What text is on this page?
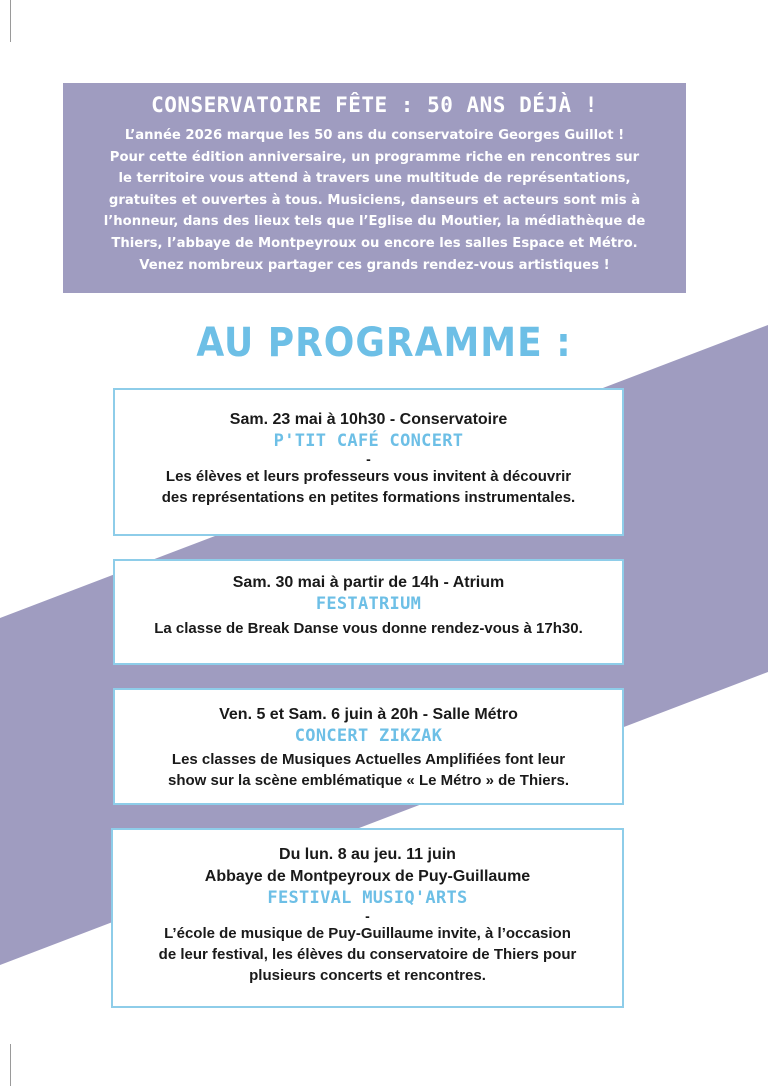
CONSERVATOIRE FÊTE : 50 ANS DÉJÀ !
L’année 2026 marque les 50 ans du conservatoire Georges Guillot !
Pour cette édition anniversaire, un programme riche en rencontres sur
le territoire vous attend à travers une multitude de représentations,
gratuites et ouvertes à tous. Musiciens, danseurs et acteurs sont mis à
l’honneur, dans des lieux tels que l’Eglise du Moutier, la médiathèque de
Thiers, l’abbaye de Montpeyroux ou encore les salles Espace et Métro.
Venez nombreux partager ces grands rendez-vous artistiques !
AU PROGRAMME :
Sam. 23 mai à 10h30 - Conservatoire
P'TIT CAFÉ CONCERT
-
Les élèves et leurs professeurs vous invitent à découvrir
des représentations en petites formations instrumentales.
Sam. 30 mai à partir de 14h - Atrium
FESTATRIUM
La classe de Break Danse vous donne rendez-vous à 17h30.
Ven. 5 et Sam. 6 juin à 20h - Salle Métro
CONCERT ZIKZAK
Les classes de Musiques Actuelles Amplifiées font leur
show sur la scène emblématique « Le Métro » de Thiers.
Du lun. 8 au jeu. 11 juin
Abbaye de Montpeyroux de Puy-Guillaume
FESTIVAL MUSIQ'ARTS
-
L’école de musique de Puy-Guillaume invite, à l’occasion
de leur festival, les élèves du conservatoire de Thiers pour
plusieurs concerts et rencontres.
